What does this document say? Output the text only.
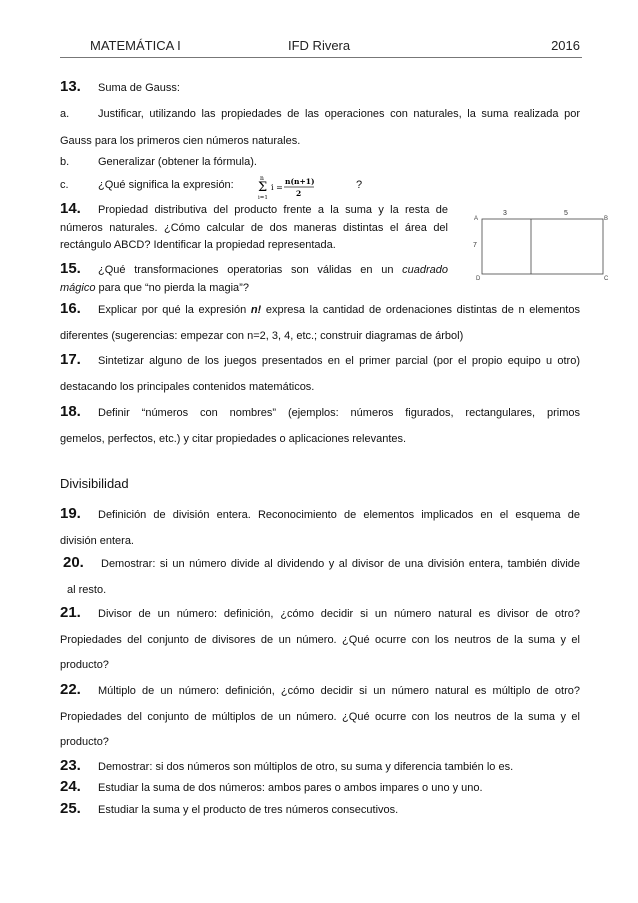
MATEMÁTICA I	IFD Rivera	2016
13. Suma de Gauss:
a.	Justificar, utilizando las propiedades de las operaciones con naturales, la suma realizada por
Gauss para los primeros cien números naturales.
b.	Generalizar (obtener la fórmula).
c.	¿Qué significa la expresión:	?
n
Σ
i=1
i =
n(n+1)
2
14. Propiedad distributiva del producto frente a la suma y la resta de
números naturales. ¿Cómo calcular de dos maneras distintas el área del
rectángulo ABCD? Identificar la propiedad representada.
15. ¿Qué transformaciones operatorias son válidas en un cuadrado
mágico para que “no pierda la magia”?
A	B
C
D
3	5
7
16. Explicar por qué la expresión n! expresa la cantidad de ordenaciones distintas de n elementos
diferentes (sugerencias: empezar con n=2, 3, 4, etc.; construir diagramas de árbol)
17. Sintetizar alguno de los juegos presentados en el primer parcial (por el propio equipo u otro)
destacando los principales contenidos matemáticos.
18. Definir “números con nombres” (ejemplos: números figurados, rectangulares, primos
gemelos, perfectos, etc.) y citar propiedades o aplicaciones relevantes.
Divisibilidad
19. Definición de división entera. Reconocimiento de elementos implicados en el esquema de
división entera.
20. Demostrar: si un número divide al dividendo y al divisor de una división entera, también divide
al resto.
21. Divisor de un número: definición, ¿cómo decidir si un número natural es divisor de otro?
Propiedades del conjunto de divisores de un número. ¿Qué ocurre con los neutros de la suma y el
producto?
22. Múltiplo de un número: definición, ¿cómo decidir si un número natural es múltiplo de otro?
Propiedades del conjunto de múltiplos de un número. ¿Qué ocurre con los neutros de la suma y el
producto?
23. Demostrar: si dos números son múltiplos de otro, su suma y diferencia también lo es.
24. Estudiar la suma de dos números: ambos pares o ambos impares o uno y uno.
25. Estudiar la suma y el producto de tres números consecutivos.
